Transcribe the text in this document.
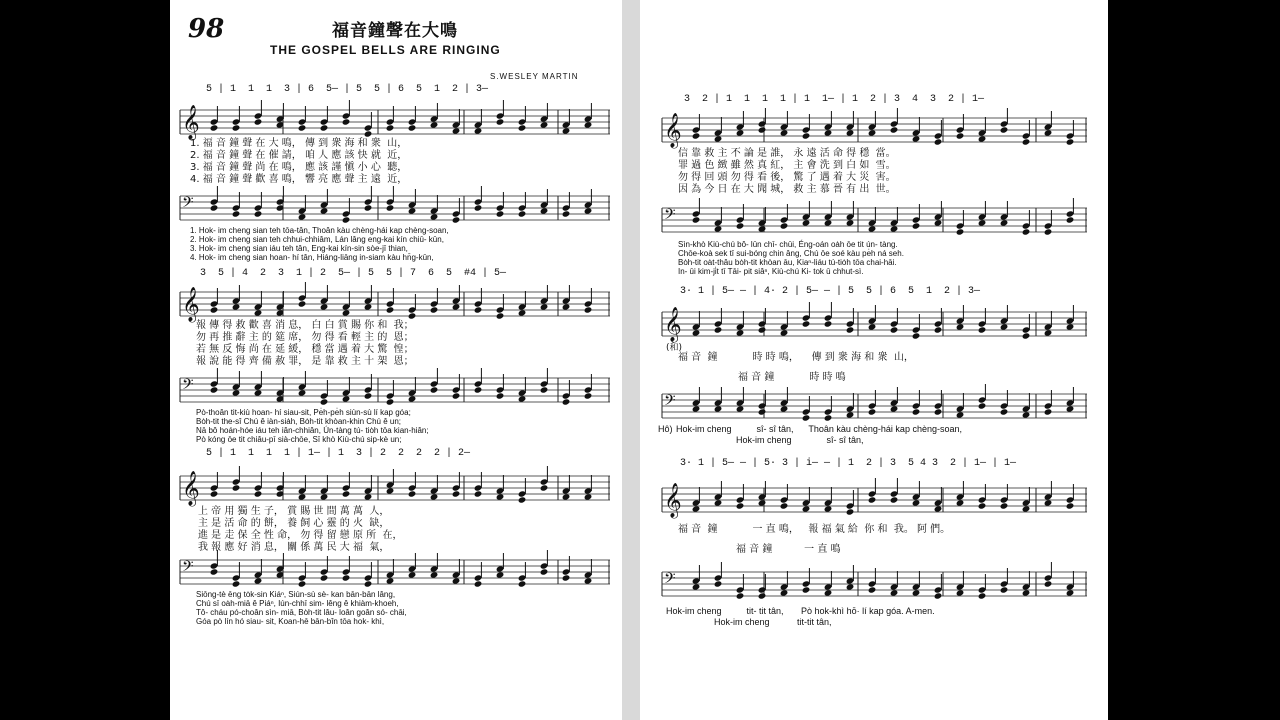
98	福音鐘聲在大鳴
THE GOSPEL BELLS ARE RINGING
S.WESLEY MARTIN
5 | 1  1  1  3 | 6  5— | 5  5 | 6  5  1  2 | 3—
𝄞
1. 福 音 鐘 聲 在 大 鳴， 傳 到 衆 海 和 衆  山，
2. 福 音 鐘 聲 在 催 請， 咱 人 應 該 快 就  近，
3. 福 音 鐘 聲 尚 在 鳴， 應 該 謹 愼 小 心  聽，
4. 福 音 鐘 聲 歡 喜 鳴， 響 亮 應 聲 主 遠  近，
𝄢
1. Hok- im cheng sian teh tōa-tân, Thoân kàu chèng-hái kap chèng-soan,
2. Hok- im cheng sian teh chhui-chhiâm, Lán lâng eng-kai kín chiū- kūn,
3. Hok- im cheng sian iáu teh tân, Eng-kai kín-sin sòe-jī thian,
4. Hok- im cheng sian hoan- hí tân, Hiáng-liāng in-siam kàu hn̄g-kūn,
3  5 | 4  2  3  1 | 2  5— | 5  5 | 7  6  5  #4 | 5—
𝄞
報 傳 得 救 歡 喜 消 息， 白 白 賞 賜 你 和  我；
勿 再 推 辭 主 的 筵 席， 勿 得 看 輕 主 的  恩；
若 無 反 悔 尚 在 延 緩， 穩 當 遇 着 大 驚  惶；
報 說 能 得 齊 備 赦 罪， 是 靠 救 主 十 架  恩；
𝄢
Pò-thoân tit-kiù hoan- hí siau-sit, Pe̍h-pe̍h siùn-sù lí kap góa;
Bo̍h-tit the-sî Chú ê iàn-sia̍h, Bo̍h-tit khòan-khin Chú ê un;
Nā bô hoán-hóe iáu teh iân-chhiân, Ún-tàng tú- tio̍h tōa kian-hiân;
Pò kóng ōe tit chiâu-pī sià-chōe, Sī khò Kiù-chú sip-kè un;
5 | 1  1  1  1 | 1— | 1  3 | 2  2  2  2 | 2—
𝄞
上 帝 用 獨 生 子， 賞 賜 世 間 萬 萬  人，
主 是 活 命 的 餅， 養 飼 心 靈 的 火  缺，
進 是 走 保 全 性 命， 勿 得 留 戀 原 所  在，
我 報 應 好 消 息， 關 係 萬 民 大 福  氣，
𝄢
Siōng-tè ēng to̍k-sin Kiáⁿ, Siún-sù sè- kan bān-bān lâng,
Chú sī oa̍h-miā ê Piáⁿ, Iún-chhī sim- lêng ê khiàm-khoeh,
Tô- cháu pó-choân sìn- miā, Bo̍h-tit lâu- loân goân só- chāi,
Góa pò lín hó siau- sit, Koan-hē bān-bîn tōa hok- khì,
3  2 | 1  1  1  1 | 1  1— | 1  2 | 3  4  3  2 | 1—
𝄞
信 靠 救 主 不 論 是 誰， 永 遠 活 命 得 穩  當。
罪 過 色 緻 雖 然 真 紅， 主 會 洗 到 白 如  雪。
勿 得 回 頭 勿 得 看 後， 驚 了 遇 着 大 災  害。
因 為 今 日 在 大 聞 城， 救 主 慕 晉 有 出  世。
𝄢
Sìn-khò Kiù-chú bô- lūn chī- chūi, Éng-oán oa̍h ōe tit ún- tàng.
Chōe-koà sek tī sui-bóng chin âng, Chú ōe soé kàu pe̍h ná seh.
Bo̍h-tit oa̍t-thâu bo̍h-tit khòan āu, Kiaⁿ-liáu tú-tio̍h tōa chai-hāi.
In- ūi kim-ji̍t tī Tāi- pit siâⁿ, Kiù-chú Ki- tok ū chhut-sì.
3· 1 | 5— — | 4· 2 | 5— — | 5  5 | 6  5  1  2 | 3—
𝄞
(和)
福 音  鐘           時 時 鳴，    傳 到 衆 海 和 衆  山，
福 音 鐘           時 時 鳴
𝄢
Hô) Hok-im cheng          sî- sî tân,      Thoân kàu chèng-hái kap chèng-soan,
Hok-im cheng              sî- sî tân,
3· 1 | 5— — | 5· 3 | i— — | 1  2 | 3  5 4 3  2 | 1— | 1—
𝄞
福 音  鐘           一 直 鳴，   報 福 氣 給  你 和  我。 阿 們。
福 音 鐘          一 直 鳴
𝄢
Hok-im cheng          tit- tit tân,       Pò hok-khì hō· lí kap góa. A-men.
Hok-im cheng           tit-tit tân,
